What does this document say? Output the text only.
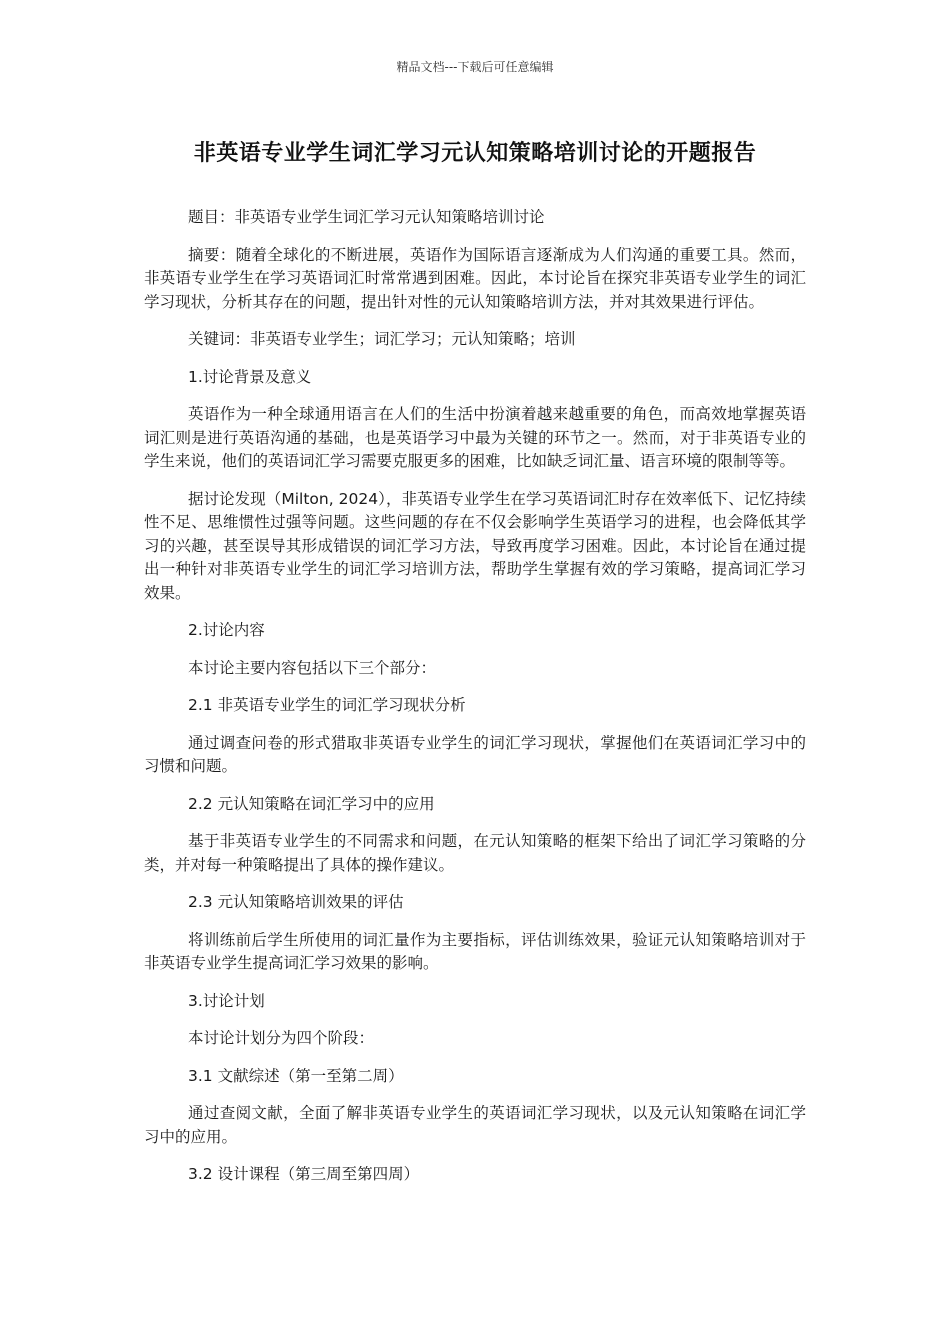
精品文档---下载后可任意编辑
非英语专业学生词汇学习元认知策略培训讨论的开题报告

题目：非英语专业学生词汇学习元认知策略培训讨论

摘要：随着全球化的不断进展，英语作为国际语言逐渐成为人们沟通的重要工具。然而，非英语专业学生在学习英语词汇时常常遇到困难。因此，本讨论旨在探究非英语专业学生的词汇学习现状，分析其存在的问题，提出针对性的元认知策略培训方法，并对其效果进行评估。

关键词：非英语专业学生；词汇学习；元认知策略；培训

1.讨论背景及意义

英语作为一种全球通用语言在人们的生活中扮演着越来越重要的角色，而高效地掌握英语词汇则是进行英语沟通的基础，也是英语学习中最为关键的环节之一。然而，对于非英语专业的学生来说，他们的英语词汇学习需要克服更多的困难，比如缺乏词汇量、语言环境的限制等等。

据讨论发现（Milton, 2024），非英语专业学生在学习英语词汇时存在效率低下、记忆持续性不足、思维惯性过强等问题。这些问题的存在不仅会影响学生英语学习的进程，也会降低其学习的兴趣，甚至误导其形成错误的词汇学习方法，导致再度学习困难。因此，本讨论旨在通过提出一种针对非英语专业学生的词汇学习培训方法，帮助学生掌握有效的学习策略，提高词汇学习效果。

2.讨论内容

本讨论主要内容包括以下三个部分：

2.1 非英语专业学生的词汇学习现状分析

通过调查问卷的形式猎取非英语专业学生的词汇学习现状，掌握他们在英语词汇学习中的习惯和问题。

2.2 元认知策略在词汇学习中的应用

基于非英语专业学生的不同需求和问题，在元认知策略的框架下给出了词汇学习策略的分类，并对每一种策略提出了具体的操作建议。

2.3 元认知策略培训效果的评估

将训练前后学生所使用的词汇量作为主要指标，评估训练效果，验证元认知策略培训对于非英语专业学生提高词汇学习效果的影响。

3.讨论计划

本讨论计划分为四个阶段：

3.1 文献综述（第一至第二周）

通过查阅文献，全面了解非英语专业学生的英语词汇学习现状，以及元认知策略在词汇学习中的应用。

3.2 设计课程（第三周至第四周）
